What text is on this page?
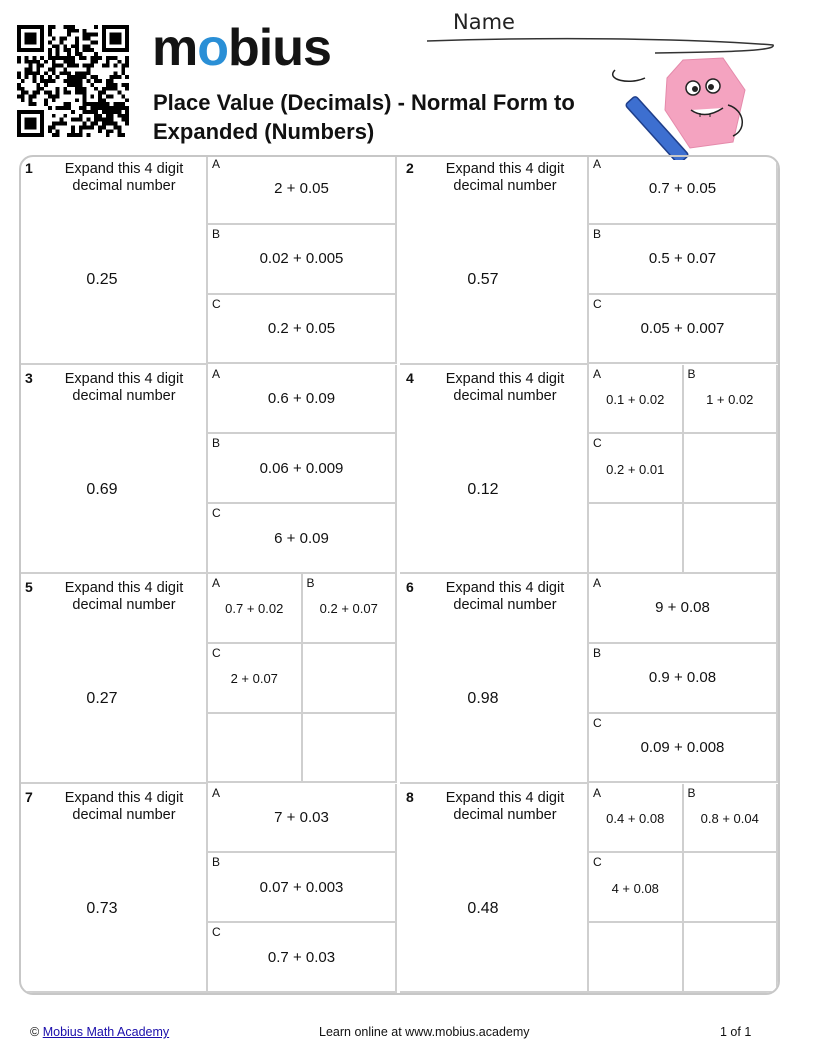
mobius
Place Value (Decimals) - Normal Form to Expanded (Numbers)
Name
1	Expand this 4 digit decimal number
0.25
A
2 + 0.05
B
0.02 + 0.005
C
0.2 + 0.05
2	Expand this 4 digit decimal number
0.57
A
0.7 + 0.05
B
0.5 + 0.07
C
0.05 + 0.007
3	Expand this 4 digit decimal number
0.69
A
0.6 + 0.09
B
0.06 + 0.009
C
6 + 0.09
4	Expand this 4 digit decimal number
0.12
A
0.1 + 0.02
B
1 + 0.02
C
0.2 + 0.01
5	Expand this 4 digit decimal number
0.27
A
0.7 + 0.02
B
0.2 + 0.07
C
2 + 0.07
6	Expand this 4 digit decimal number
0.98
A
9 + 0.08
B
0.9 + 0.08
C
0.09 + 0.008
7	Expand this 4 digit decimal number
0.73
A
7 + 0.03
B
0.07 + 0.003
C
0.7 + 0.03
8	Expand this 4 digit decimal number
0.48
A
0.4 + 0.08
B
0.8 + 0.04
C
4 + 0.08
© Mobius Math Academy	Learn online at www.mobius.academy	1 of 1
